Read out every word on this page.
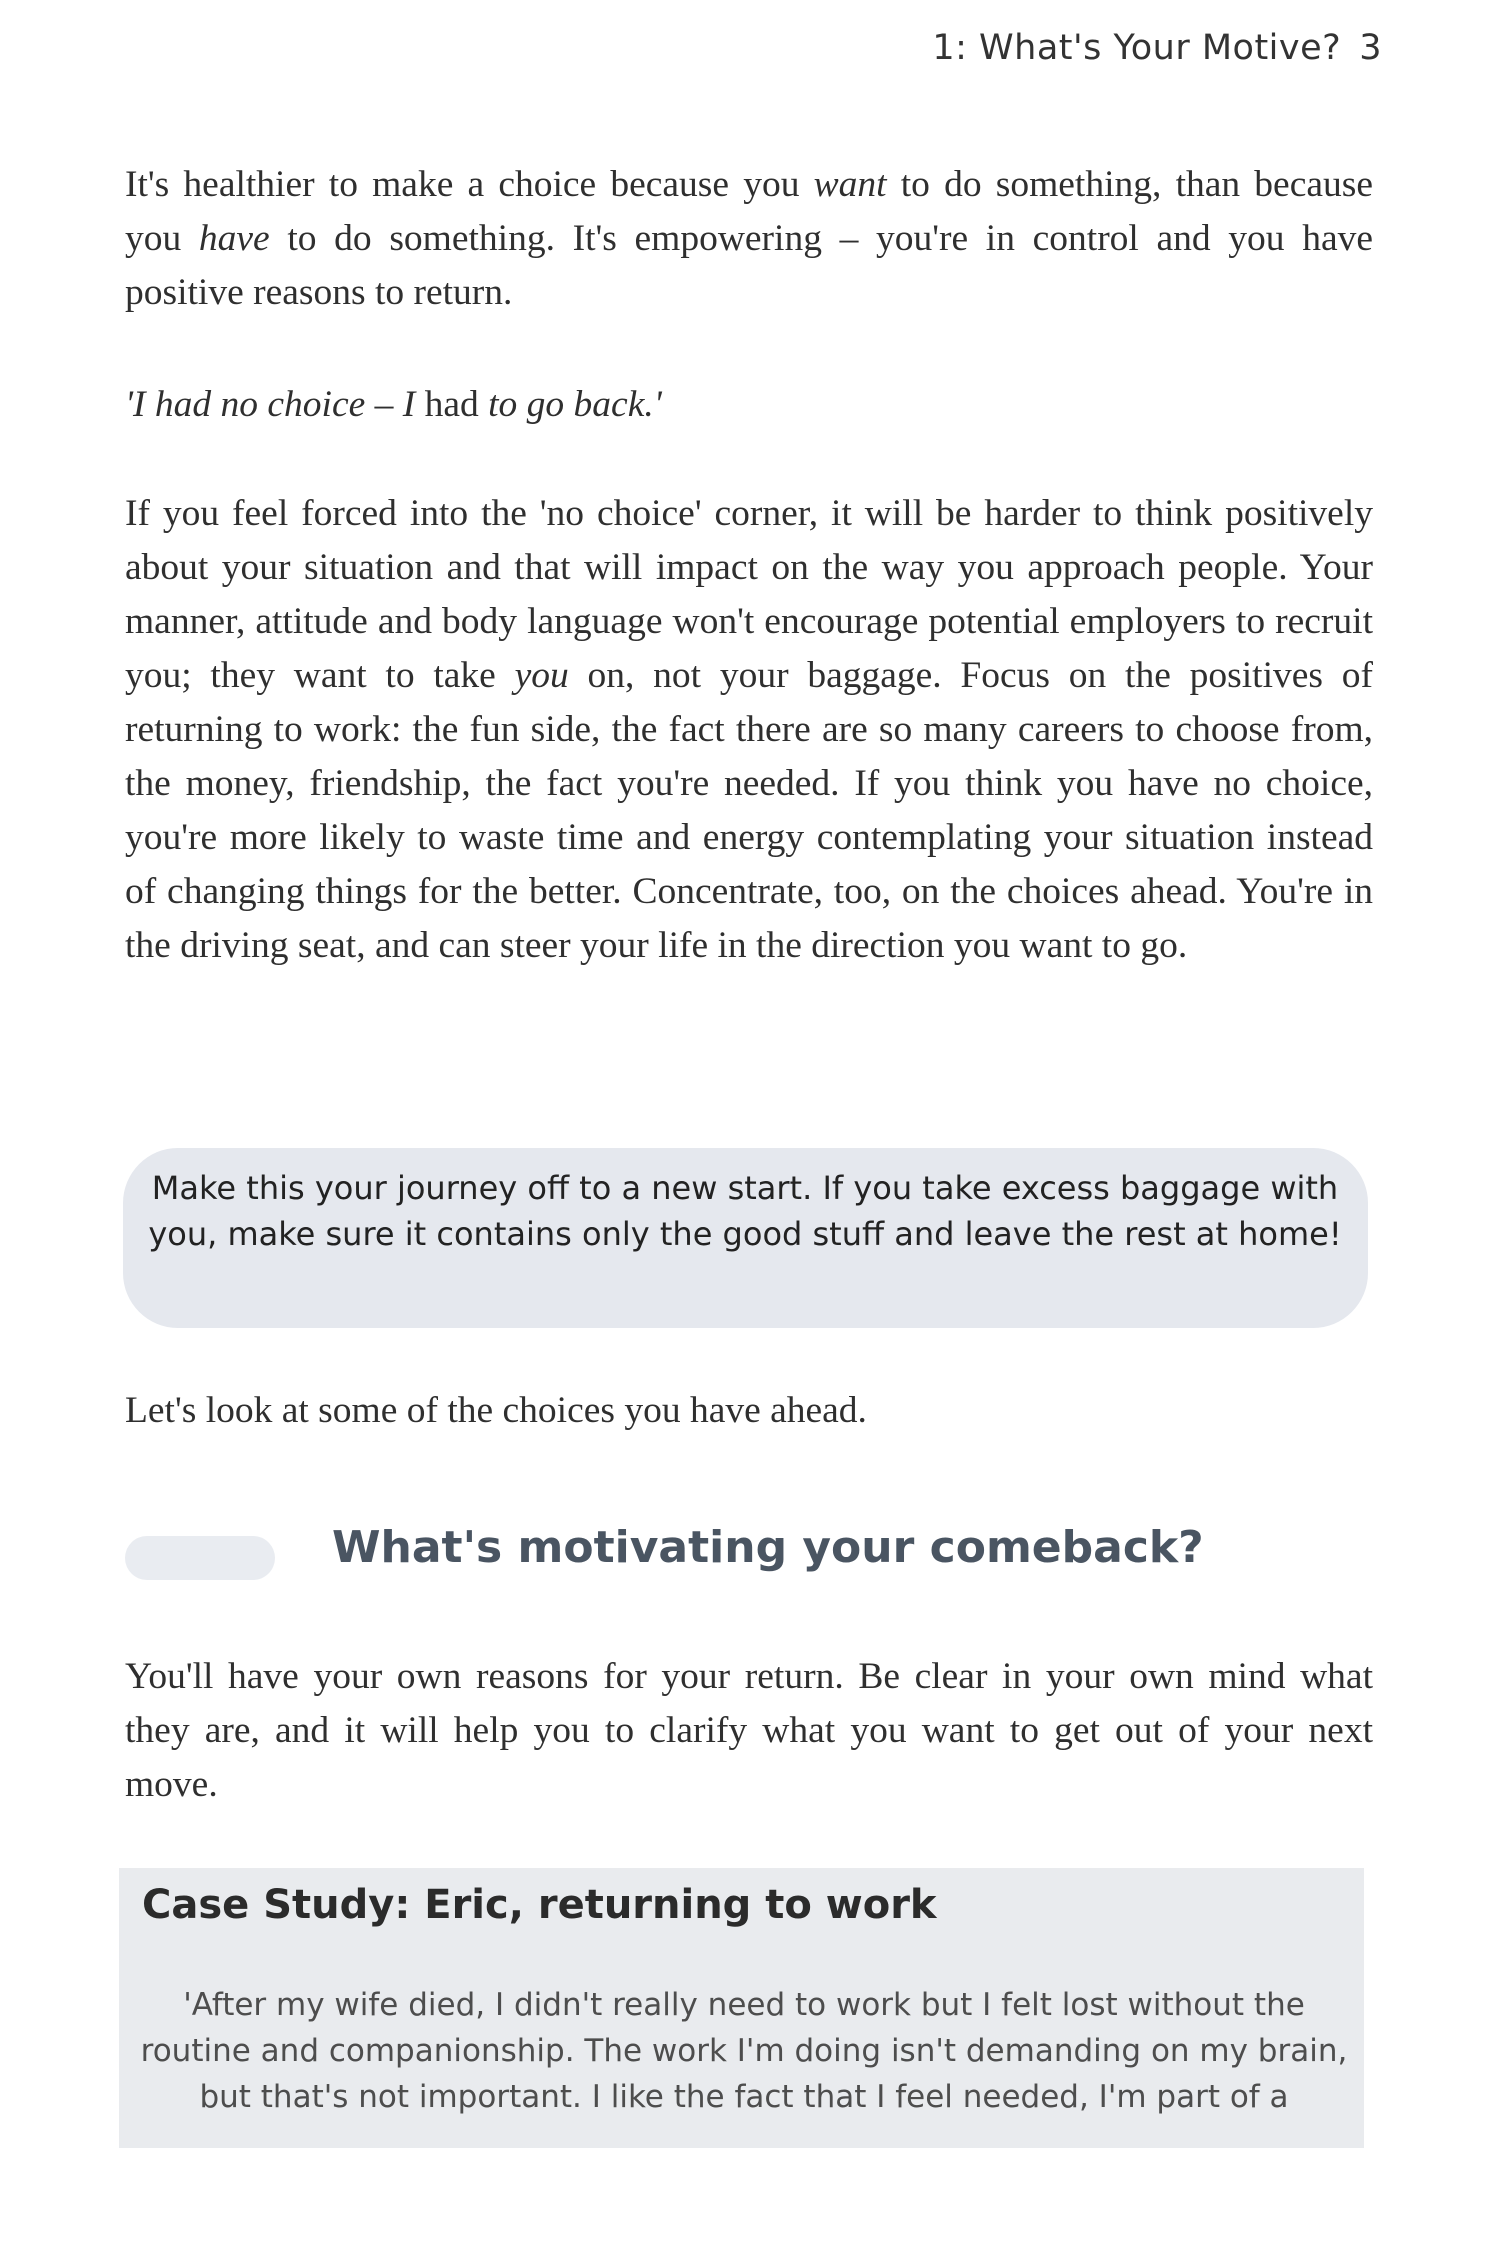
1: What's Your Motive? 3

It's healthier to make a choice because you want to do something, than because you have to do something. It's empowering – you're in control and you have positive reasons to return.

'I had no choice – I had to go back.'

If you feel forced into the 'no choice' corner, it will be harder to think positively about your situation and that will impact on the way you approach people. Your manner, attitude and body language won't encourage potential employers to recruit you; they want to take you on, not your baggage. Focus on the positives of returning to work: the fun side, the fact there are so many careers to choose from, the money, friendship, the fact you're needed. If you think you have no choice, you're more likely to waste time and energy contemplating your situation instead of changing things for the better. Concentrate, too, on the choices ahead. You're in the driving seat, and can steer your life in the direction you want to go.

Make this your journey off to a new start. If you take excess baggage with you, make sure it contains only the good stuff and leave the rest at home!

Let's look at some of the choices you have ahead.

What's motivating your comeback?

You'll have your own reasons for your return. Be clear in your own mind what they are, and it will help you to clarify what you want to get out of your next move.

Case Study: Eric, returning to work

'After my wife died, I didn't really need to work but I felt lost without the routine and companionship. The work I'm doing isn't demanding on my brain, but that's not important. I like the fact that I feel needed, I'm part of a
